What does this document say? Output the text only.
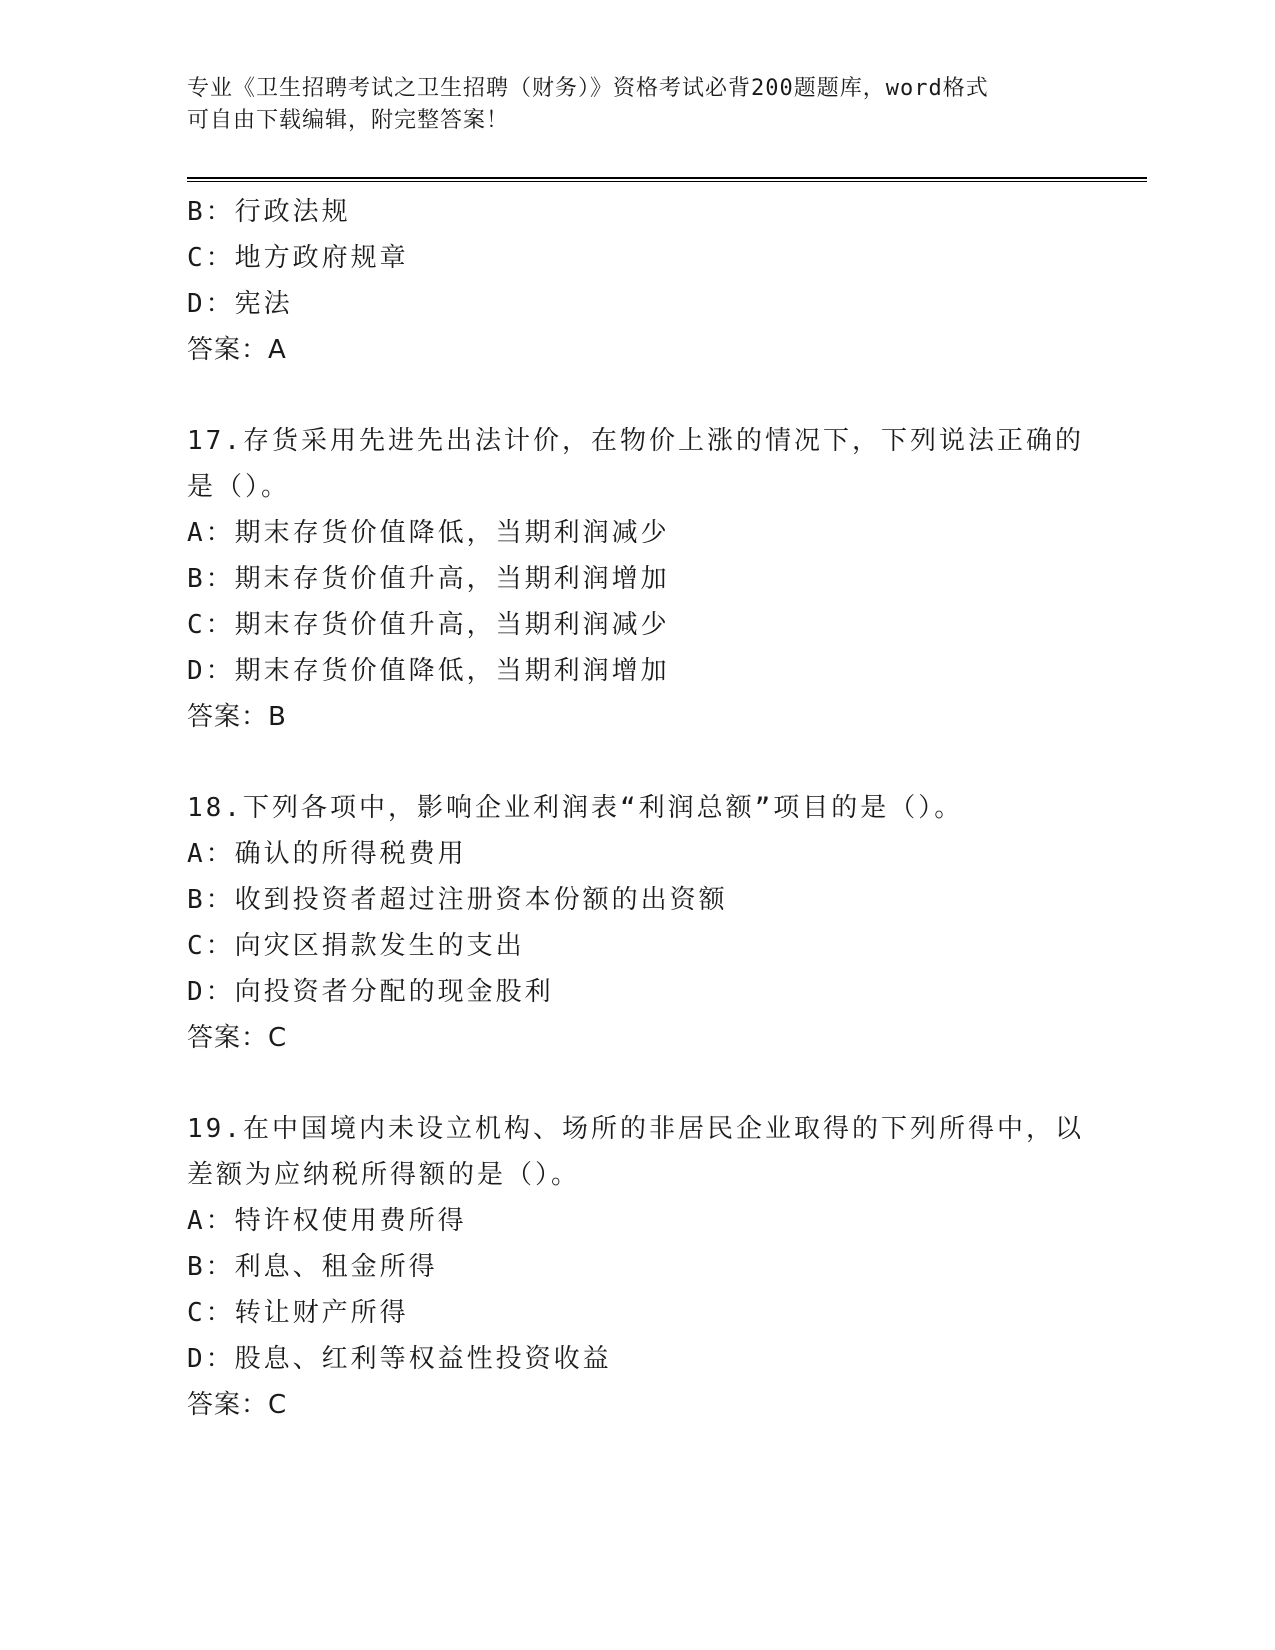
专业《卫生招聘考试之卫生招聘（财务）》资格考试必背200题题库，word格式
可自由下载编辑，附完整答案！
B：行政法规
C：地方政府规章
D：宪法
答案：A
17.存货采用先进先出法计价，在物价上涨的情况下，下列说法正确的
是（）。
A：期末存货价值降低，当期利润减少
B：期末存货价值升高，当期利润增加
C：期末存货价值升高，当期利润减少
D：期末存货价值降低，当期利润增加
答案：B
18.下列各项中，影响企业利润表“利润总额”项目的是（）。
A：确认的所得税费用
B：收到投资者超过注册资本份额的出资额
C：向灾区捐款发生的支出
D：向投资者分配的现金股利
答案：C
19.在中国境内未设立机构、场所的非居民企业取得的下列所得中，以
差额为应纳税所得额的是（）。
A：特许权使用费所得
B：利息、租金所得
C：转让财产所得
D：股息、红利等权益性投资收益
答案：C
